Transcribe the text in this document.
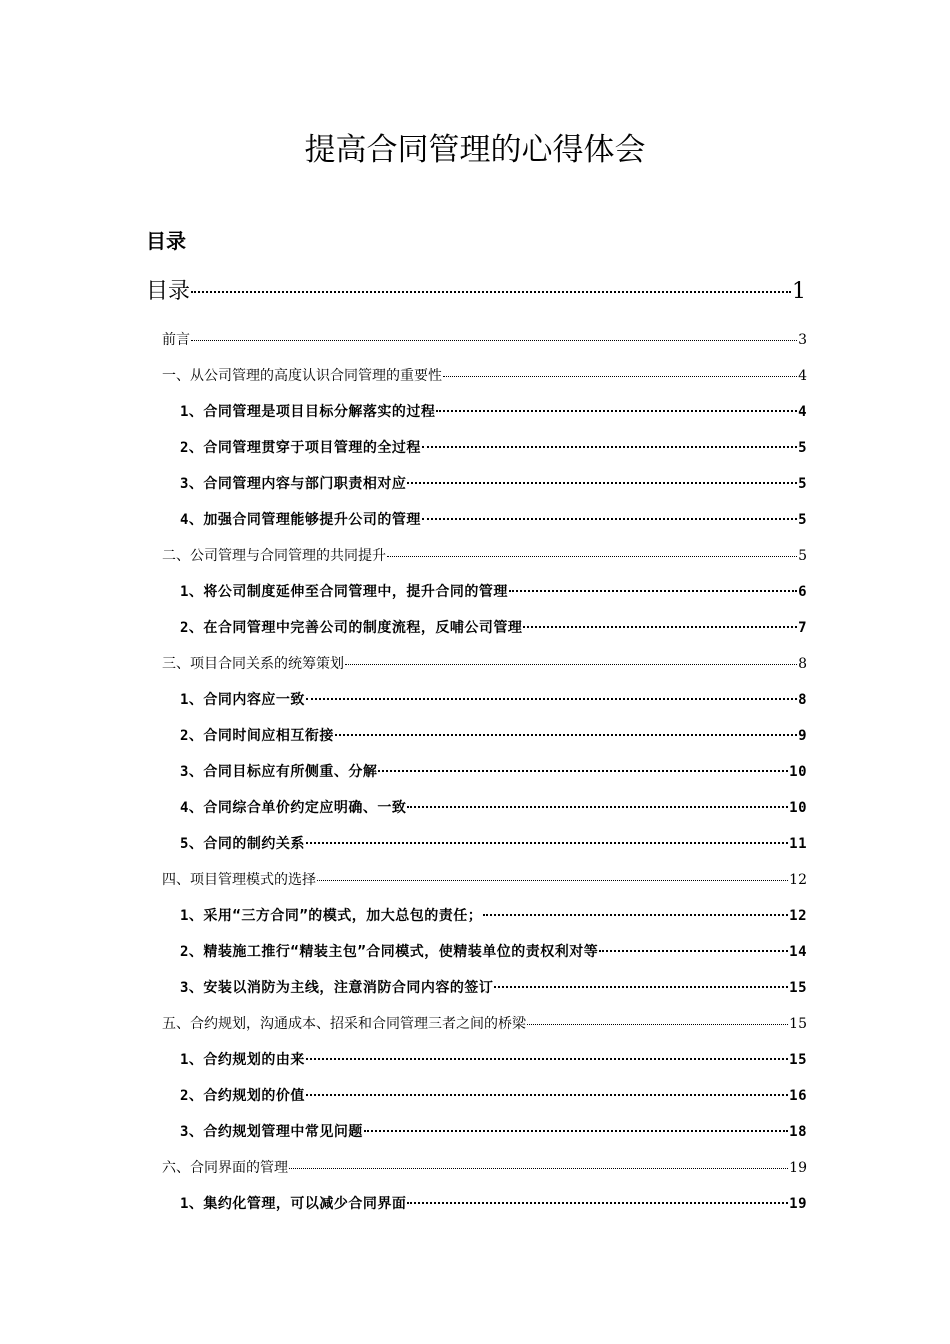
提高合同管理的心得体会
目录
目录	1
前言	3
一、从公司管理的高度认识合同管理的重要性	4
1、合同管理是项目目标分解落实的过程	4
2、合同管理贯穿于项目管理的全过程	5
3、合同管理内容与部门职责相对应	5
4、加强合同管理能够提升公司的管理	5
二、公司管理与合同管理的共同提升	5
1、将公司制度延伸至合同管理中，提升合同的管理	6
2、在合同管理中完善公司的制度流程，反哺公司管理	7
三、项目合同关系的统筹策划	8
1、合同内容应一致	8
2、合同时间应相互衔接	9
3、合同目标应有所侧重、分解	10
4、合同综合单价约定应明确、一致	10
5、合同的制约关系	11
四、项目管理模式的选择	12
1、采用“三方合同”的模式，加大总包的责任；	12
2、精装施工推行“精装主包”合同模式，使精装单位的责权利对等	14
3、安装以消防为主线，注意消防合同内容的签订	15
五、合约规划，沟通成本、招采和合同管理三者之间的桥梁	15
1、合约规划的由来	15
2、合约规划的价值	16
3、合约规划管理中常见问题	18
六、合同界面的管理	19
1、集约化管理，可以减少合同界面	19
